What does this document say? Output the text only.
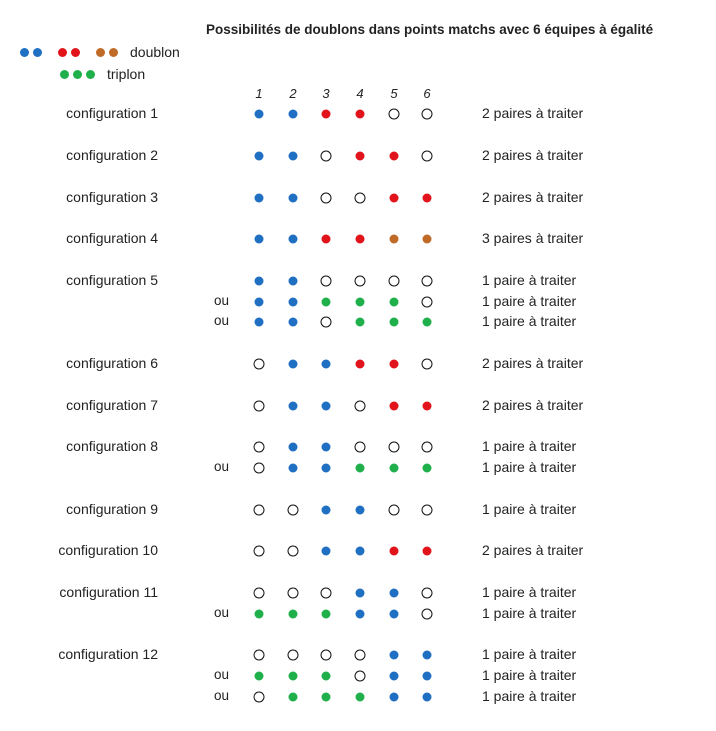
Possibilités de doublons dans points matchs avec 6 équipes à égalité
doublon
triplon
1 2 3 4 5 6
configuration 1	2 paires à traiter
configuration 2	2 paires à traiter
configuration 3	2 paires à traiter
configuration 4	3 paires à traiter
configuration 5	1 paire à traiter
ou	1 paire à traiter
ou	1 paire à traiter
configuration 6	2 paires à traiter
configuration 7	2 paires à traiter
configuration 8	1 paire à traiter
ou	1 paire à traiter
configuration 9	1 paire à traiter
configuration 10	2 paires à traiter
configuration 11	1 paire à traiter
ou	1 paire à traiter
configuration 12	1 paire à traiter
ou	1 paire à traiter
ou	1 paire à traiter
